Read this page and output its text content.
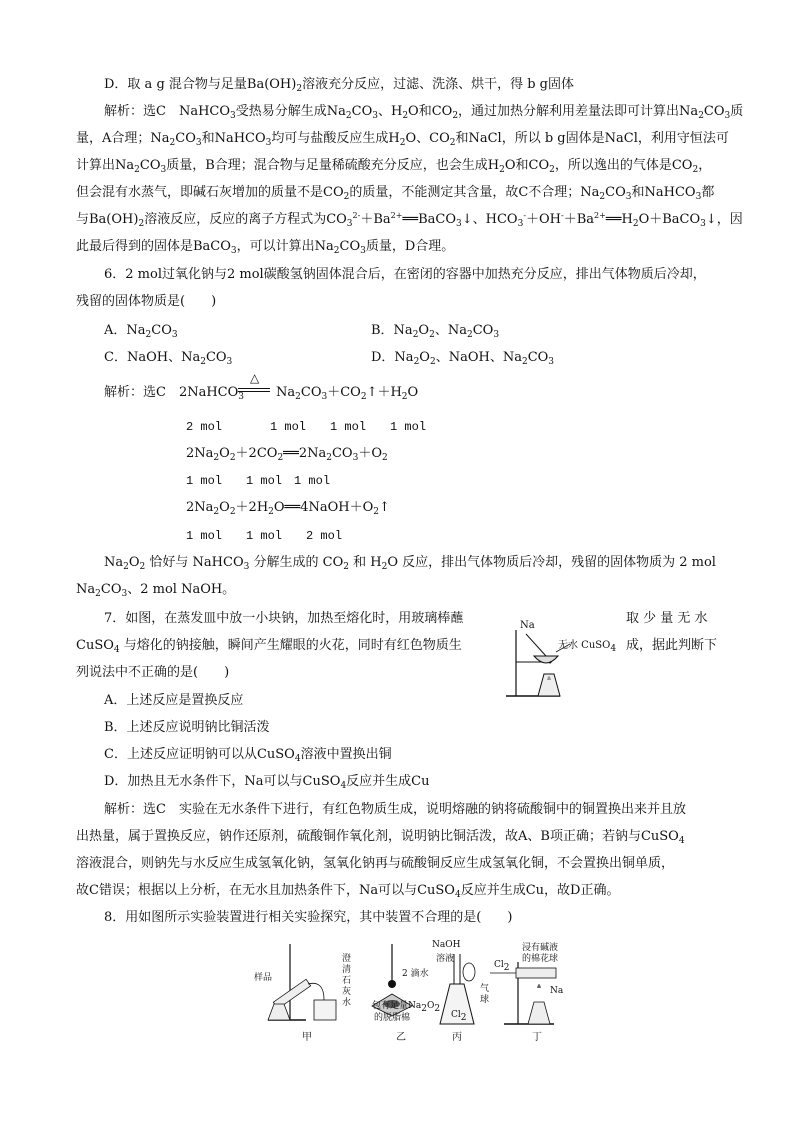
D．取 a g 混合物与足量$Ba(OH)_2$溶液充分反应，过滤、洗涤、烘干，得 b g固体
解析：选C　NaHCO$_3$受热易分解生成$Na_2CO_3$、$H_2O$和$CO_2$，通过加热分解利用差量法即可计算出$Na_2CO_3$质
量，A合理；$Na_2CO_3$和NaHCO$_3$均可与盐酸反应生成$H_2O$、$CO_2$和NaCl，所以 b g固体是NaCl，利用守恒法可
计算出$Na_2CO_3$质量，B合理；混合物与足量稀硫酸充分反应，也会生成$H_2O$和$CO_2$，所以逸出的气体是$CO_2$，
但会混有水蒸气，即碱石灰增加的质量不是$CO_2$的质量，不能测定其含量，故C不合理；$Na_2CO_3$和NaHCO$_3$都
与$Ba(OH)_2$溶液反应，反应的离子方程式为$CO_3^{2-}+Ba^{2+}══BaCO_3↓$、$HCO_3^-+OH^-+Ba^{2+}══H_2O+BaCO_3↓$，因
此最后得到的固体是BaCO$_3$，可以计算出$Na_2CO_3$质量，D合理。
6．2 mol过氧化钠与2 mol碳酸氢钠固体混合后，在密闭的容器中加热充分反应，排出气体物质后冷却，
残留的固体物质是(　　)
A．$Na_2CO_3$	B．$Na_2O_2$、$Na_2CO_3$
C．NaOH、$Na_2CO_3$	D．$Na_2O_2$、NaOH、$Na_2CO_3$
解析：选C　2NaHCO$_3$
△
$Na_2CO_3+CO_2↑+H_2O$
2 mol　　　　1 mol　　1 mol　　1 mol
$2Na_2O_2+2CO_2══2Na_2CO_3+O_2$
1 mol　　1 mol　1 mol
$2Na_2O_2+2H_2O══4NaOH+O_2↑$
1 mol　　1 mol　　2 mol
$Na_2O_2$ 恰好与 NaHCO$_3$ 分解生成的 $CO_2$ 和 $H_2O$ 反应，排出气体物质后冷却，残留的固体物质为 2 mol
$Na_2CO_3$、2 mol NaOH。
7．如图，在蒸发皿中放一小块钠，加热至熔化时，用玻璃棒蘸	取 少 量 无 水
CuSO$_4$ 与熔化的钠接触，瞬间产生耀眼的火花，同时有红色物质生	成，据此判断下
列说法中不正确的是(　　)
A．上述反应是置换反应
B．上述反应说明钠比铜活泼
C．上述反应证明钠可以从CuSO$_4$溶液中置换出铜
D．加热且无水条件下，Na可以与CuSO$_4$反应并生成Cu
Na
无水 CuSO$_4$
解析：选C　实验在无水条件下进行，有红色物质生成，说明熔融的钠将硫酸铜中的铜置换出来并且放
出热量，属于置换反应，钠作还原剂，硫酸铜作氧化剂，说明钠比铜活泼，故A、B项正确；若钠与CuSO$_4$
溶液混合，则钠先与水反应生成氢氧化钠，氢氧化钠再与硫酸铜反应生成氢氧化铜，不会置换出铜单质，
故C错误；根据以上分析，在无水且加热条件下，Na可以与CuSO$_4$反应并生成Cu，故D正确。
8．用如图所示实验装置进行相关实验探究，其中装置不合理的是(　　)
样品
澄清石灰水
甲
2 滴水
包有足量$Na_2O_2$
的脱脂棉
乙
NaOH
溶液
气球
$Cl_2$
丙
$Cl_2$
浸有碱液
的棉花球
Na
丁
